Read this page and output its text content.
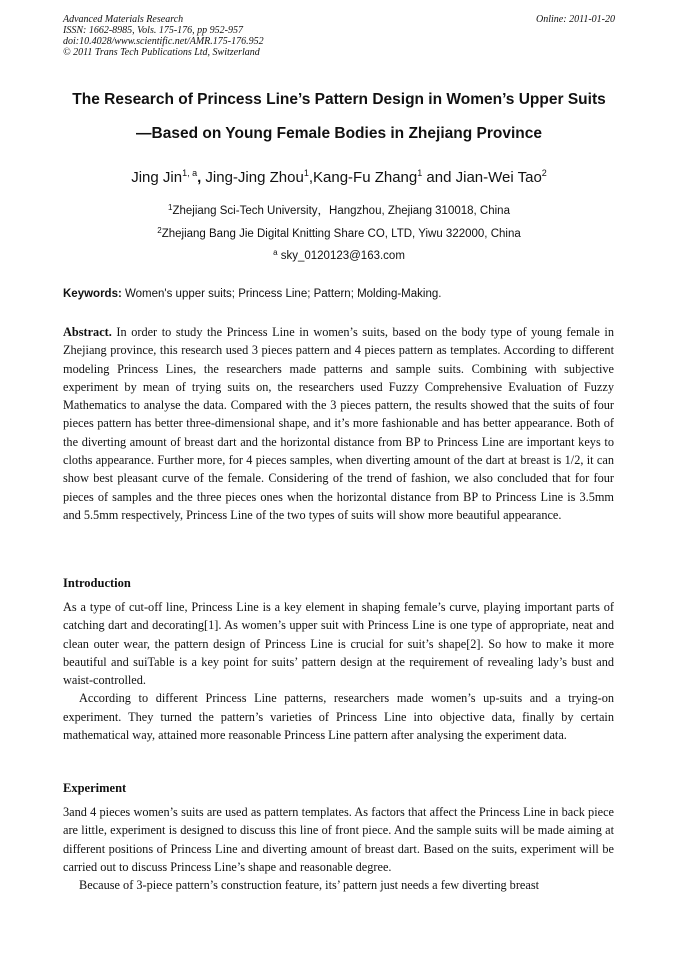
Advanced Materials Research
ISSN: 1662-8985, Vols. 175-176, pp 952-957
doi:10.4028/www.scientific.net/AMR.175-176.952
© 2011 Trans Tech Publications Ltd, Switzerland
Online: 2011-01-20
The Research of Princess Line’s Pattern Design in Women’s Upper Suits
—Based on Young Female Bodies in Zhejiang Province
Jing Jin$^{1, a}$, Jing-Jing Zhou$^1$,Kang-Fu Zhang$^1$ and Jian-Wei Tao$^2$
$^1$Zhejiang Sci-Tech University，Hangzhou, Zhejiang 310018, China
$^2$Zhejiang Bang Jie Digital Knitting Share CO, LTD, Yiwu 322000, China
$^a$ sky_0120123@163.com
Keywords: Women's upper suits; Princess Line; Pattern; Molding-Making.

Abstract. In order to study the Princess Line in women’s suits, based on the body type of young female in Zhejiang province, this research used 3 pieces pattern and 4 pieces pattern as templates. According to different modeling Princess Lines, the researchers made patterns and sample suits. Combining with subjective experiment by mean of trying suits on, the researchers used Fuzzy Comprehensive Evaluation of Fuzzy Mathematics to analyse the data. Compared with the 3 pieces pattern, the results showed that the suits of four pieces pattern has better three-dimensional shape, and it’s more fashionable and has better appearance. Both of the diverting amount of breast dart and the horizontal distance from BP to Princess Line are important keys to cloths appearance. Further more, for 4 pieces samples, when diverting amount of the dart at breast is 1/2, it can show best pleasant curve of the female. Considering of the trend of fashion, we also concluded that for four pieces of samples and the three pieces ones when the horizontal distance from BP to Princess Line is 3.5mm and 5.5mm respectively, Princess Line of the two types of suits will show more beautiful appearance.

Introduction

As a type of cut-off line, Princess Line is a key element in shaping female’s curve, playing important parts of catching dart and decorating[1]. As women’s upper suit with Princess Line is one type of appropriate, neat and clean outer wear, the pattern design of Princess Line is crucial for suit’s shape[2]. So how to make it more beautiful and suiTable is a key point for suits’ pattern design at the requirement of revealing lady’s bust and waist-controlled.

According to different Princess Line patterns, researchers made women’s up-suits and a trying-on experiment. They turned the pattern’s varieties of Princess Line into objective data, finally by certain mathematical way, attained more reasonable Princess Line pattern after analysing the experiment data.

Experiment

3and 4 pieces women’s suits are used as pattern templates. As factors that affect the Princess Line in back piece are little, experiment is designed to discuss this line of front piece. And the sample suits will be made aiming at different positions of Princess Line and diverting amount of breast dart. Based on the suits, experiment will be carried out to discuss Princess Line’s shape and reasonable degree.

Because of 3-piece pattern’s construction feature, its’ pattern just needs a few diverting breast
